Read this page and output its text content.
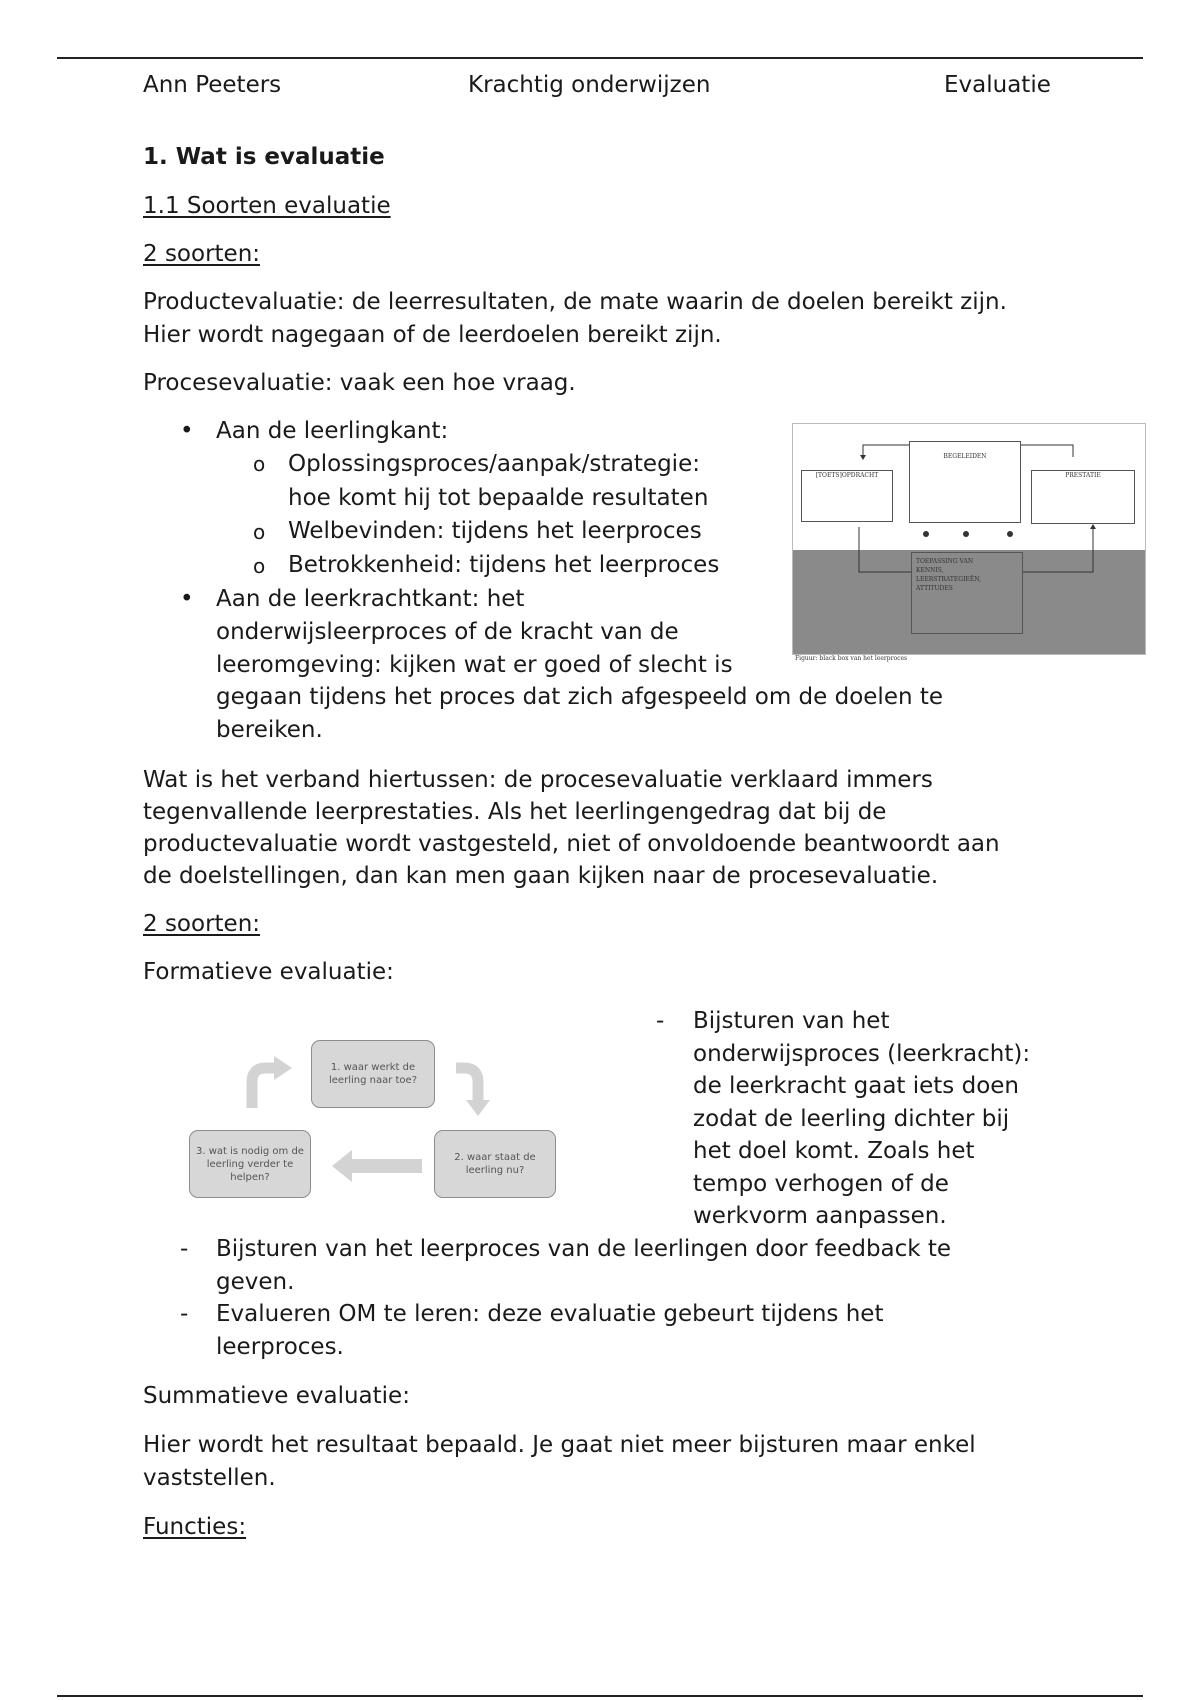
Ann Peeters	Krachtig onderwijzen	Evaluatie
1. Wat is evaluatie
1.1 Soorten evaluatie
2 soorten:
Productevaluatie: de leerresultaten, de mate waarin de doelen bereikt zijn.
Hier wordt nagegaan of de leerdoelen bereikt zijn.
Procesevaluatie: vaak een hoe vraag.
• Aan de leerlingkant:
o Oplossingsproces/aanpak/strategie:
hoe komt hij tot bepaalde resultaten
o Welbevinden: tijdens het leerproces
o Betrokkenheid: tijdens het leerproces
• Aan de leerkrachtkant: het
onderwijsleerproces of de kracht van de
leeromgeving: kijken wat er goed of slecht is
gegaan tijdens het proces dat zich afgespeeld om de doelen te
bereiken.
[TOETS]OPDRACHT
BEGELEIDEN
PRESTATIE
TOEPASSING VAN
KENNIS,
LEERSTRATEGIEËN,
ATTITUDES
Figuur: black box van het leerproces
Wat is het verband hiertussen: de procesevaluatie verklaard immers
tegenvallende leerprestaties. Als het leerlingengedrag dat bij de
productevaluatie wordt vastgesteld, niet of onvoldoende beantwoordt aan
de doelstellingen, dan kan men gaan kijken naar de procesevaluatie.
2 soorten:
Formatieve evaluatie:
1. waar werkt de leerling naar toe?
2. waar staat de leerling nu?
3. wat is nodig om de leerling verder te helpen?
- Bijsturen van het
onderwijsproces (leerkracht):
de leerkracht gaat iets doen
zodat de leerling dichter bij
het doel komt. Zoals het
tempo verhogen of de
werkvorm aanpassen.
- Bijsturen van het leerproces van de leerlingen door feedback te
geven.
- Evalueren OM te leren: deze evaluatie gebeurt tijdens het
leerproces.
Summatieve evaluatie:
Hier wordt het resultaat bepaald. Je gaat niet meer bijsturen maar enkel
vaststellen.
Functies:
